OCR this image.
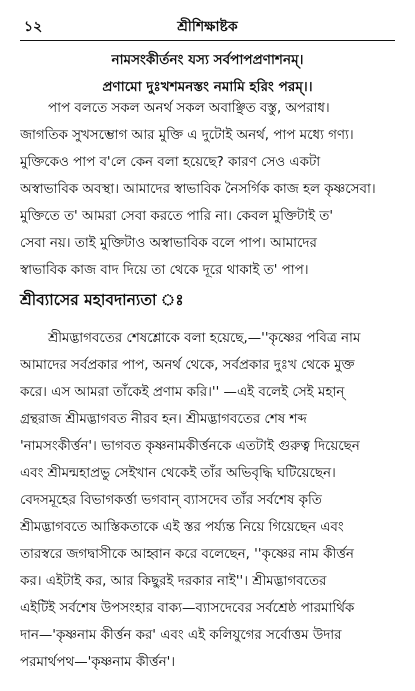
১২	শ্রীশিক্ষাষ্টক
নামসংকীর্তনং যস্য সর্বপাপপ্রণাশনম্।
প্রণামো দুঃখশমনস্তং নমামি হরিং পরম্।।
পাপ বলতে সকল অনর্থ সকল অবাঞ্ছিত বস্তু, অপরাধ।
জাগতিক সুখসম্ভোগ আর মুক্তি এ দুটোই অনর্থ, পাপ মধ্যে গণ্য।
মুক্তিকেও পাপ ব'লে কেন বলা হয়েছে? কারণ সেও একটা
অস্বাভাবিক অবস্থা। আমাদের স্বাভাবিক নৈসর্গিক কাজ হল কৃষ্ণসেবা।
মুক্তিতে ত' আমরা সেবা করতে পারি না। কেবল মুক্তিটাই ত'
সেবা নয়। তাই মুক্তিটাও অস্বাভাবিক বলে পাপ। আমাদের
স্বাভাবিক কাজ বাদ দিয়ে তা থেকে দূরে থাকাই ত' পাপ।
শ্রীব্যাসের মহাবদান্যতা ঃ
শ্রীমদ্ভাগবতের শেষশ্লোকে বলা হয়েছে,—''কৃষ্ণের পবিত্র নাম
আমাদের সর্বপ্রকার পাপ, অনর্থ থেকে, সর্বপ্রকার দুঃখ থেকে মুক্ত
করে। এস আমরা তাঁকেই প্রণাম করি।'' —এই বলেই সেই মহান্
গ্রন্থরাজ শ্রীমদ্ভাগবত নীরব হন। শ্রীমদ্ভাগবতের শেষ শব্দ
'নামসংকীর্ত্তন'। ভাগবত কৃষ্ণনামকীর্ত্তনকে এতটাই গুরুত্ব দিয়েছেন
এবং শ্রীমন্মহাপ্রভু সেইখান থেকেই তাঁর অভিবৃদ্ধি ঘটিয়েছেন।
বেদসমূহের বিভাগকর্ত্তা ভগবান্ ব্যাসদেব তাঁর সর্বশেষ কৃতি
শ্রীমদ্ভাগবতে আস্তিকতাকে এই স্তর পর্য্যন্ত নিয়ে গিয়েছেন এবং
তারস্বরে জগদ্বাসীকে আহ্বান করে বলেছেন, ''কৃষ্ণের নাম কীর্ত্তন
কর। এইটাই কর, আর কিছুরই দরকার নাই''। শ্রীমদ্ভাগবতের
এইটিই সর্বশেষ উপসংহার বাক্য—ব্যাসদেবের সর্বশ্রেষ্ঠ পারমার্থিক
দান—'কৃষ্ণনাম কীর্ত্তন কর' এবং এই কলিযুগের সর্বোত্তম উদার
পরমার্থপথ—'কৃষ্ণনাম কীর্ত্তন'।
